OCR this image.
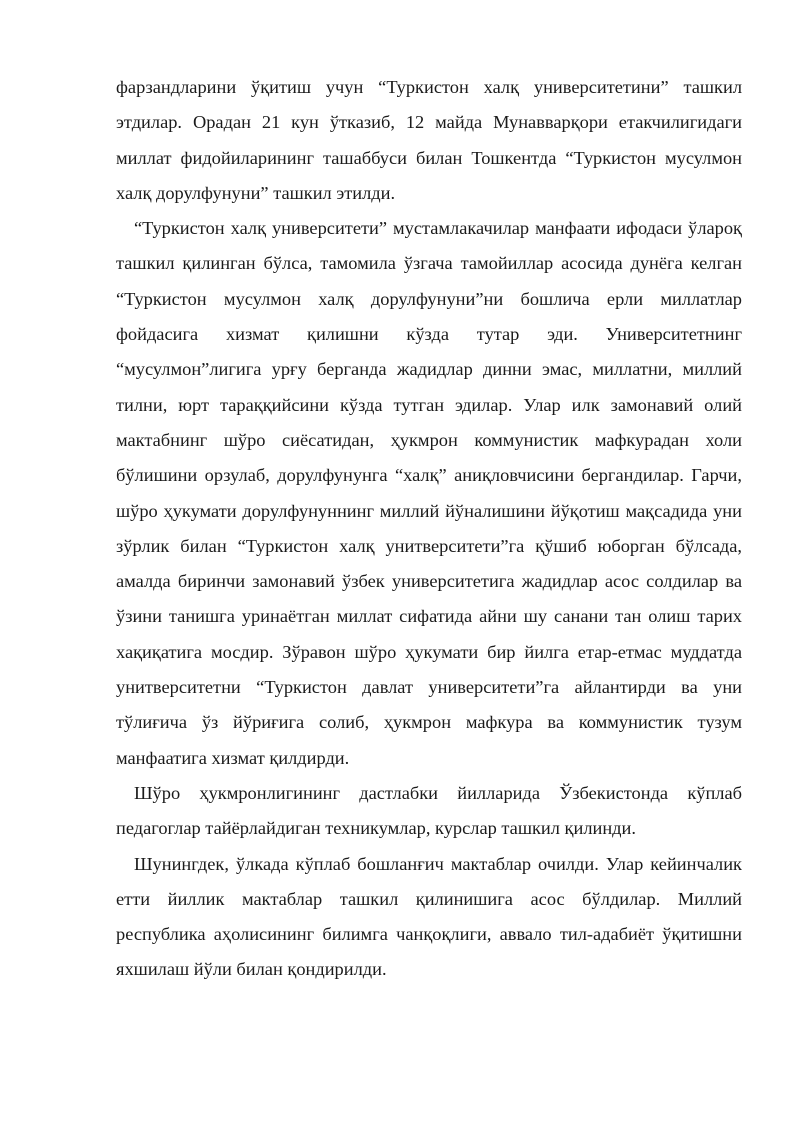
фарзандларини ўқитиш учун “Туркистон халқ университетини” ташкил этдилар. Орадан 21 кун ўтказиб, 12 майда Мунавварқори етакчилигидаги миллат фидойиларининг ташаббуси билан Тошкентда “Туркистон мусулмон халқ дорулфунуни” ташкил этилди.

“Туркистон халқ университети” мустамлакачилар манфаати ифодаси ўлароқ ташкил қилинган бўлса, тамомила ўзгача тамойиллар асосида дунёга келган “Туркистон мусулмон халқ дорулфунуни”ни бошлича ерли миллатлар фойдасига хизмат қилишни кўзда тутар эди. Университетнинг “мусулмон”лигига урғу берганда жадидлар динни эмас, миллатни, миллий тилни, юрт тараққийсини кўзда тутган эдилар. Улар илк замонавий олий мактабнинг шўро сиёсатидан, ҳукмрон коммунистик мафкурадан холи бўлишини орзулаб, дорулфунунга “халқ” аниқловчисини бергандилар. Гарчи, шўро ҳукумати дорулфунуннинг миллий йўналишини йўқотиш мақсадида уни зўрлик билан “Туркистон халқ унитверситети”га қўшиб юборган бўлсада, амалда биринчи замонавий ўзбек университетига жадидлар асос солдилар ва ўзини танишга уринаётган миллат сифатида айни шу санани тан олиш тарих хақиқатига мосдир. Зўравон шўро ҳукумати бир йилга етар-етмас муддатда унитверситетни “Туркистон давлат университети”га айлантирди ва уни тўлиғича ўз йўриғига солиб, ҳукмрон мафкура ва коммунистик тузум манфаатига хизмат қилдирди.

Шўро ҳукмронлигининг дастлабки йилларида Ўзбекистонда кўплаб педагоглар тайёрлайдиган техникумлар, курслар ташкил қилинди.

Шунингдек, ўлкада кўплаб бошланғич мактаблар очилди. Улар кейинчалик етти йиллик мактаблар ташкил қилинишига асос бўлдилар. Миллий республика аҳолисининг билимга чанқоқлиги, аввало тил-адабиёт ўқитишни яхшилаш йўли билан қондирилди.
